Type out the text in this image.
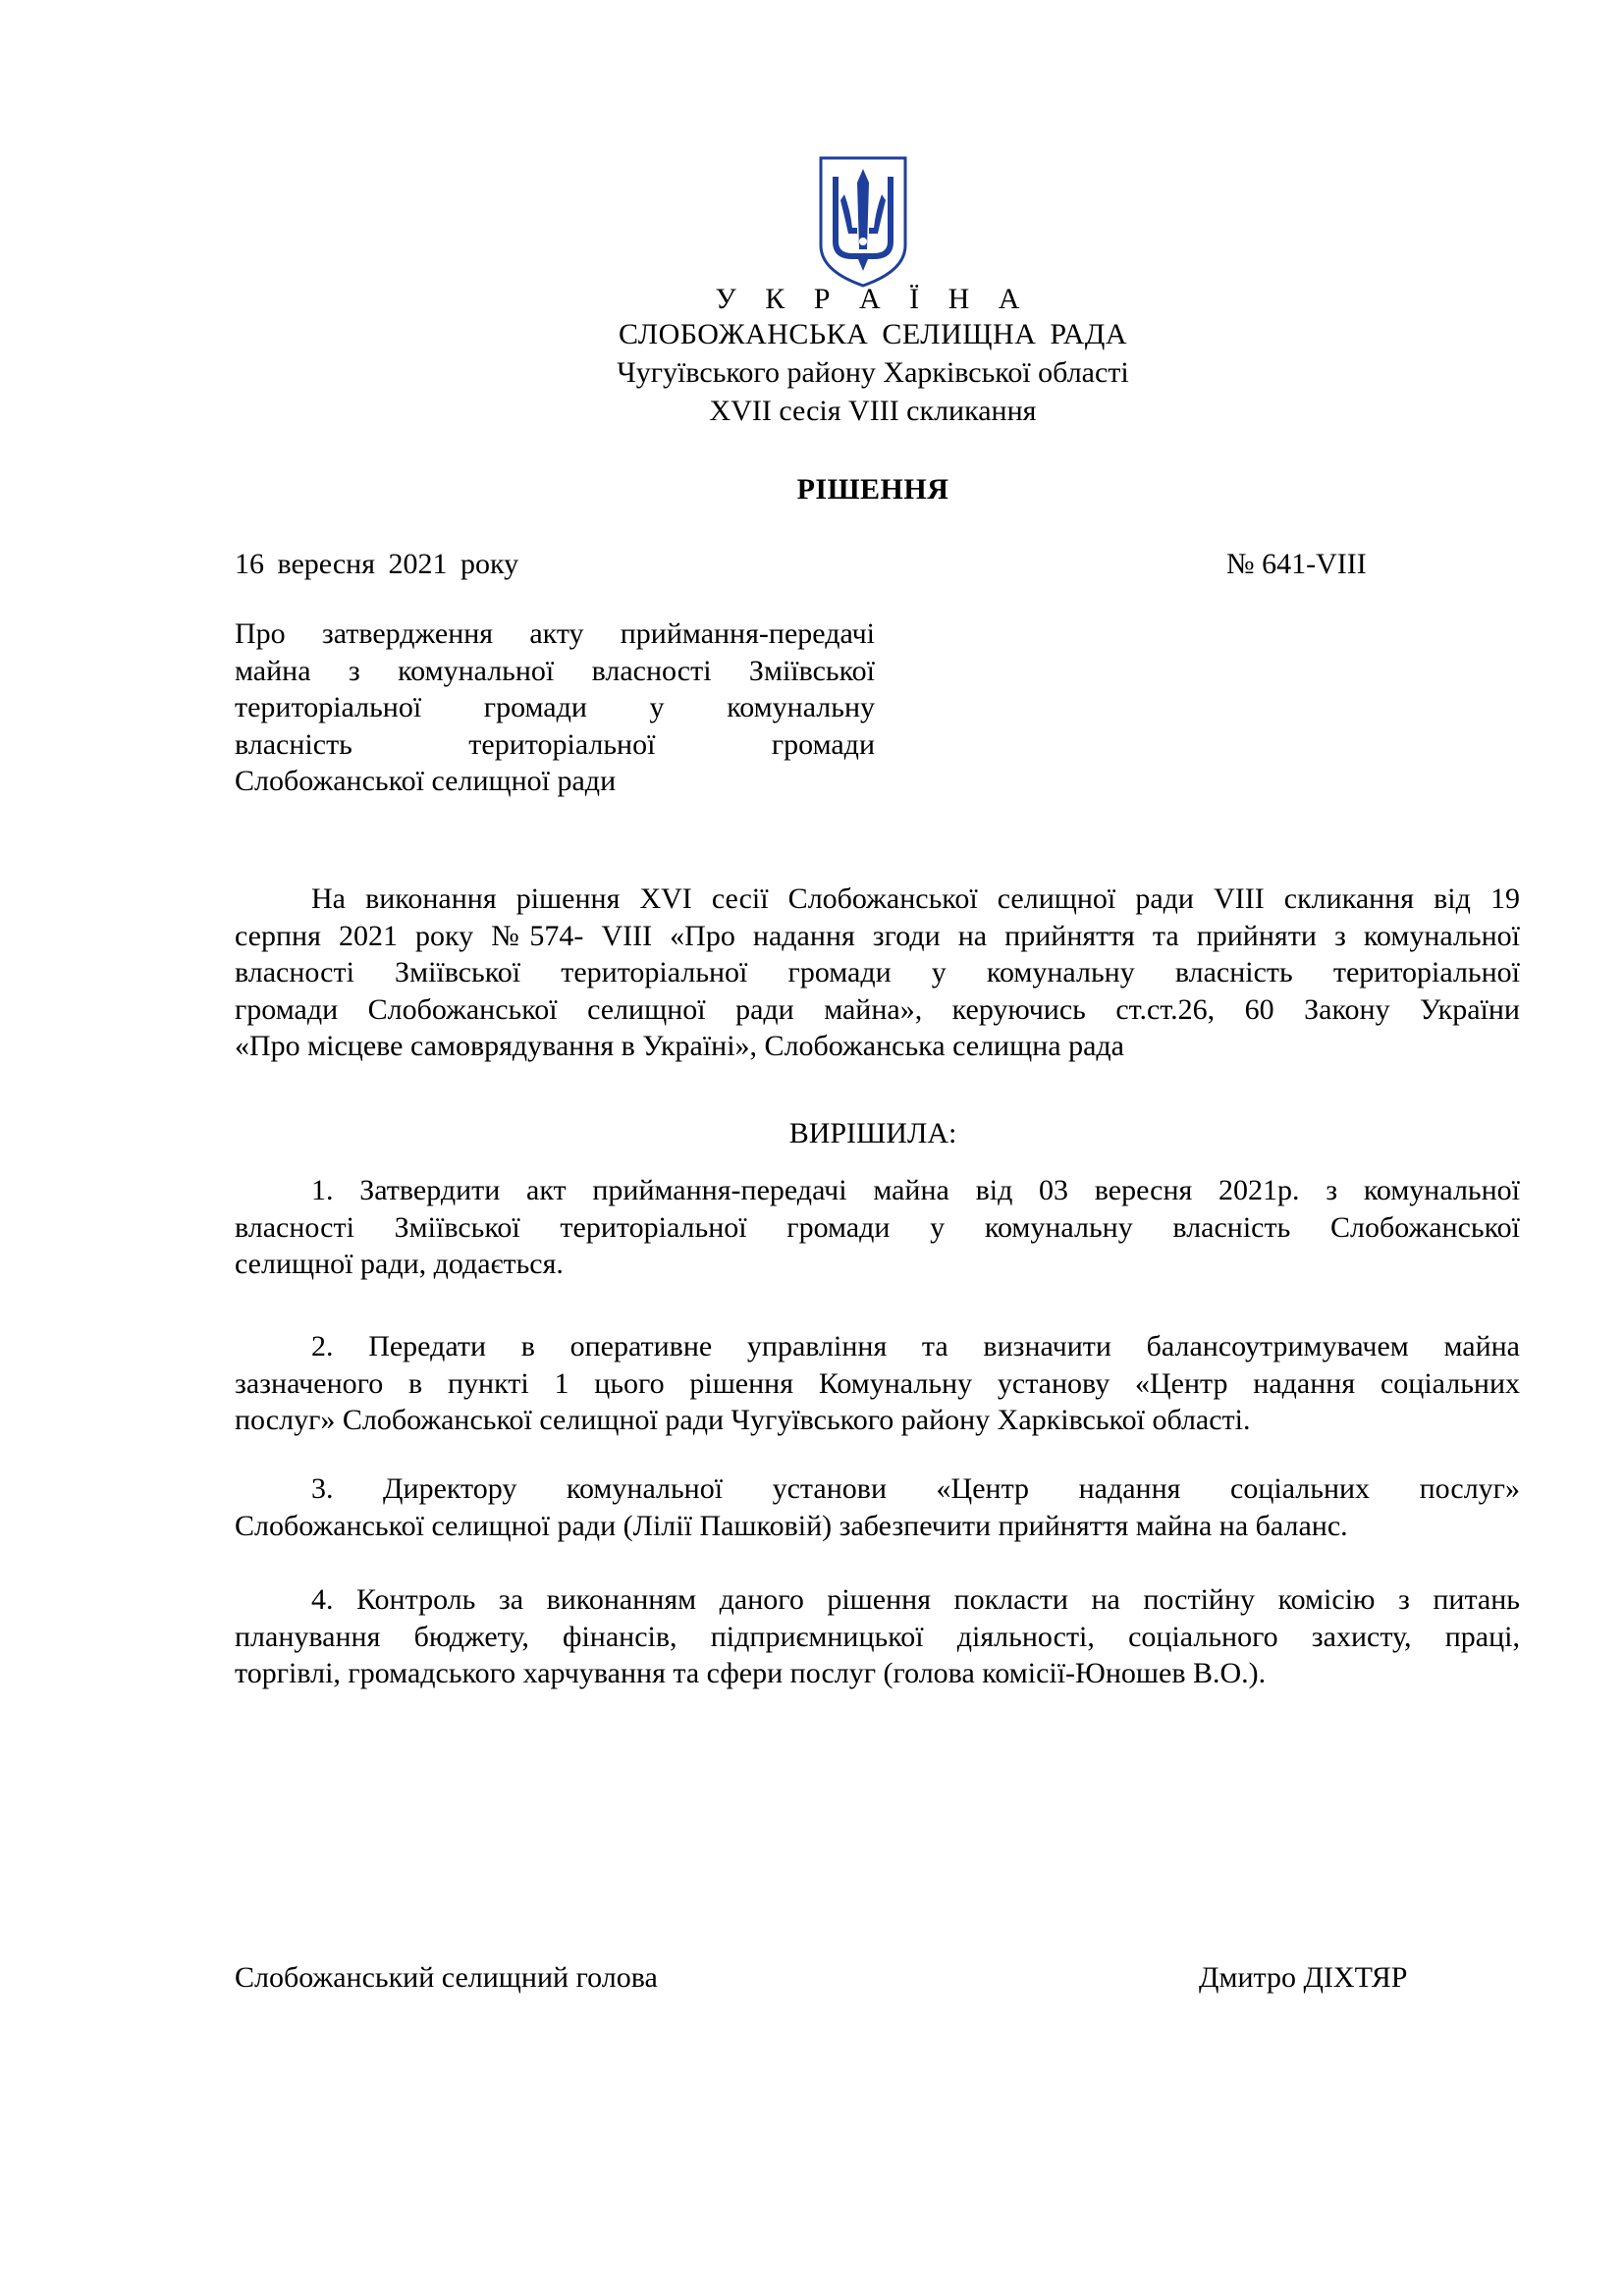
У К Р А Ї Н А
СЛОБОЖАНСЬКА СЕЛИЩНА РАДА
Чугуївського району Харківської області
XVII сесія VIII скликання
РІШЕННЯ
16 вересня 2021 року	№ 641-VIII
Про затвердження акту приймання-передачі
майна з комунальної власності Зміївської
територіальної громади у комунальну
власність територіальної громади
Слобожанської селищної ради
На виконання рішення XVI сесії Слобожанської селищної ради VIII скликання від 19
серпня 2021 року №574- VIII «Про надання згоди на прийняття та прийняти з комунальної
власності Зміївської територіальної громади у комунальну власність територіальної
громади Слобожанської селищної ради майна», керуючись ст.ст.26, 60 Закону України
«Про місцеве самоврядування в Україні», Слобожанська селищна рада
ВИРІШИЛА:
1. Затвердити акт приймання-передачі майна від 03 вересня 2021р. з комунальної
власності Зміївської територіальної громади у комунальну власність Слобожанської
селищної ради, додається.
2. Передати в оперативне управління та визначити балансоутримувачем майна
зазначеного в пункті 1 цього рішення Комунальну установу «Центр надання соціальних
послуг» Слобожанської селищної ради Чугуївського району Харківської області.
3. Директору комунальної установи «Центр надання соціальних послуг»
Слобожанської селищної ради (Лілії Пашковій) забезпечити прийняття майна на баланс.
4. Контроль за виконанням даного рішення покласти на постійну комісію з питань
планування бюджету, фінансів, підприємницької діяльності, соціального захисту, праці,
торгівлі, громадського харчування та сфери послуг (голова комісії-Юношев В.О.).
Слобожанський селищний голова	Дмитро ДІХТЯР
